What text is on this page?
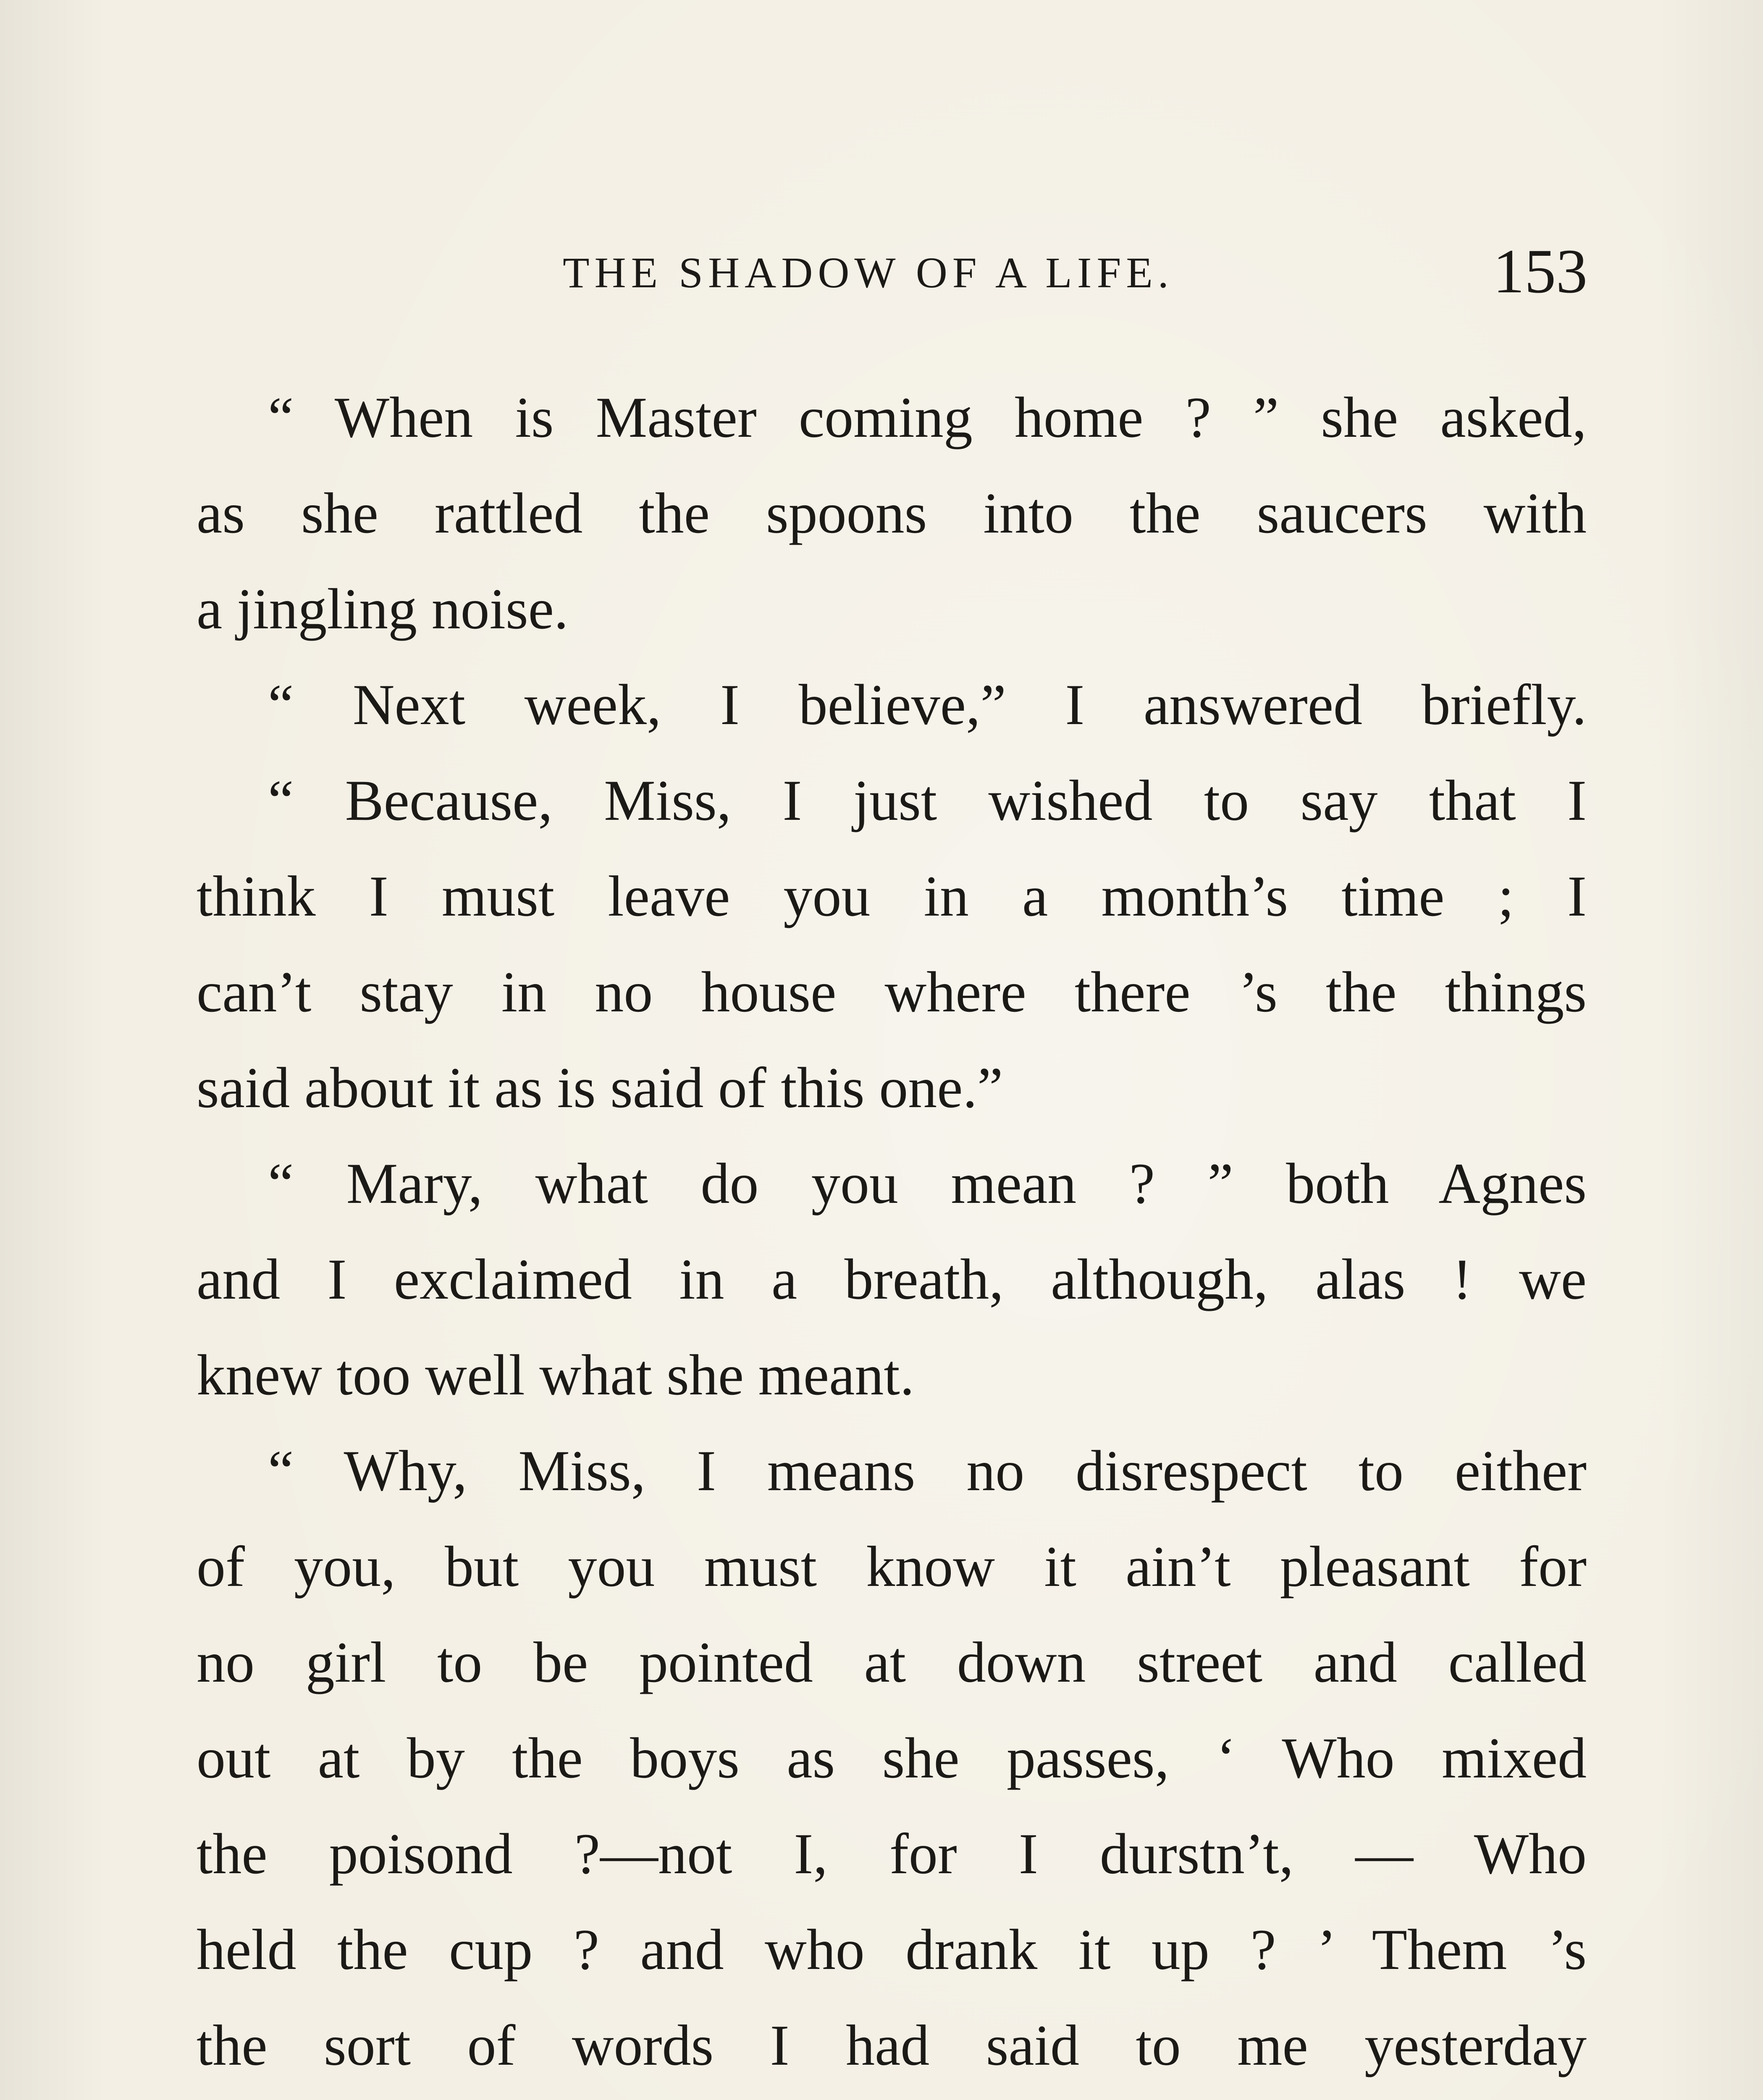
THE SHADOW OF A LIFE.	153
“ When is Master coming home ? ” she asked,
as she rattled the spoons into the saucers with
a jingling noise.
“ Next week, I believe,” I answered briefly.
“ Because, Miss, I just wished to say that I
think I must leave you in a month’s time ; I
can’t stay in no house where there ’s the things
said about it as is said of this one.”
“ Mary, what do you mean ? ” both Agnes
and I exclaimed in a breath, although, alas ! we
knew too well what she meant.
“ Why, Miss, I means no disrespect to either
of you, but you must know it ain’t pleasant for
no girl to be pointed at down street and called
out at by the boys as she passes, ‘ Who mixed
the poisond ?—not I, for I durstn’t, — Who
held the cup ? and who drank it up ? ’ Them ’s
the sort of words I had said to me yesterday
